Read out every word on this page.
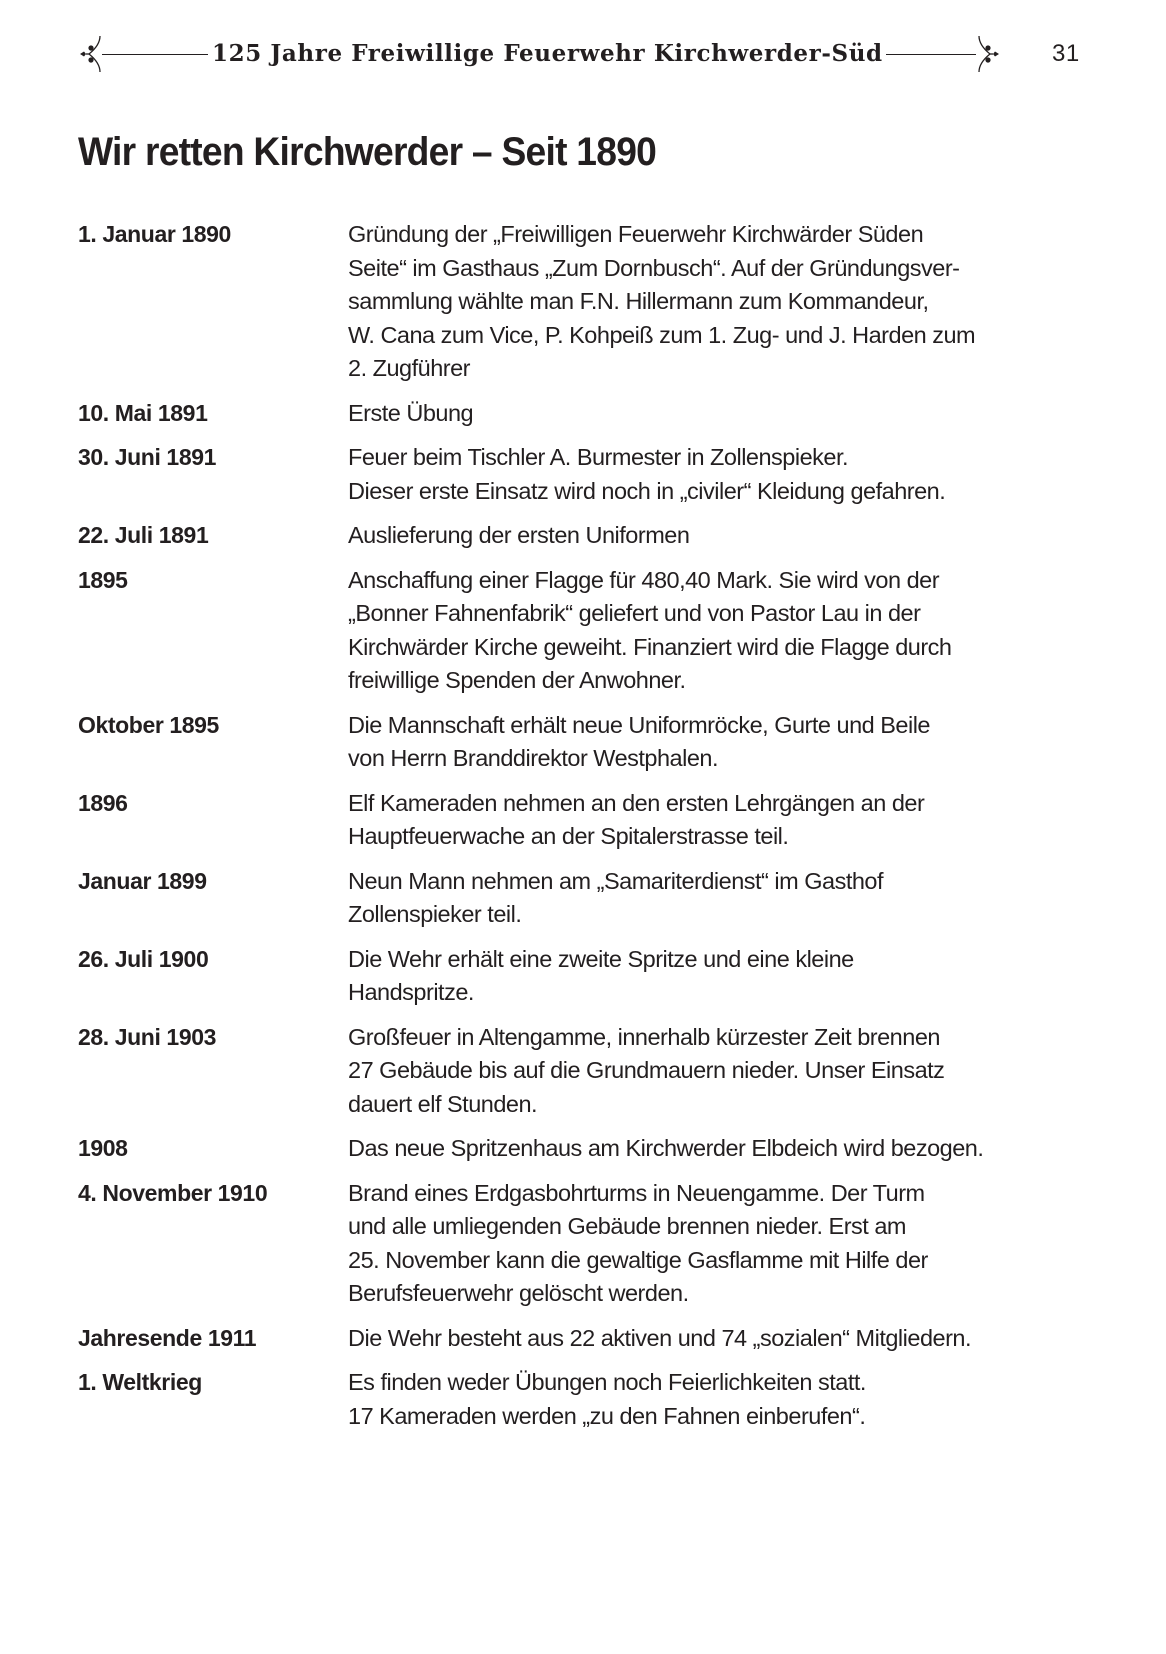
125 Jahre Freiwillige Feuerwehr Kirchwerder-Süd	31
Wir retten Kirchwerder – Seit 1890
1. Januar 1890	Gründung der „Freiwilligen Feuerwehr Kirchwärder Süden
Seite“ im Gasthaus „Zum Dornbusch“. Auf der Gründungsver-
sammlung wählte man F.N. Hillermann zum Kommandeur,
W. Cana zum Vice, P. Kohpeiß zum 1. Zug- und J. Harden zum
2. Zugführer
10. Mai 1891	Erste Übung
30. Juni 1891	Feuer beim Tischler A. Burmester in Zollenspieker.
Dieser erste Einsatz wird noch in „civiler“ Kleidung gefahren.
22. Juli 1891	Auslieferung der ersten Uniformen
1895	Anschaffung einer Flagge für 480,40 Mark. Sie wird von der
„Bonner Fahnenfabrik“ geliefert und von Pastor Lau in der
Kirchwärder Kirche geweiht. Finanziert wird die Flagge durch
freiwillige Spenden der Anwohner.
Oktober 1895	Die Mannschaft erhält neue Uniformröcke, Gurte und Beile
von Herrn Branddirektor Westphalen.
1896	Elf Kameraden nehmen an den ersten Lehrgängen an der
Hauptfeuerwache an der Spitalerstrasse teil.
Januar 1899	Neun Mann nehmen am „Samariterdienst“ im Gasthof
Zollenspieker teil.
26. Juli 1900	Die Wehr erhält eine zweite Spritze und eine kleine
Handspritze.
28. Juni 1903	Großfeuer in Altengamme, innerhalb kürzester Zeit brennen
27 Gebäude bis auf die Grundmauern nieder. Unser Einsatz
dauert elf Stunden.
1908	Das neue Spritzenhaus am Kirchwerder Elbdeich wird bezogen.
4. November 1910	Brand eines Erdgasbohrturms in Neuengamme. Der Turm
und alle umliegenden Gebäude brennen nieder. Erst am
25. November kann die gewaltige Gasflamme mit Hilfe der
Berufsfeuerwehr gelöscht werden.
Jahresende 1911	Die Wehr besteht aus 22 aktiven und 74 „sozialen“ Mitgliedern.
1. Weltkrieg	Es finden weder Übungen noch Feierlichkeiten statt.
17 Kameraden werden „zu den Fahnen einberufen“.
